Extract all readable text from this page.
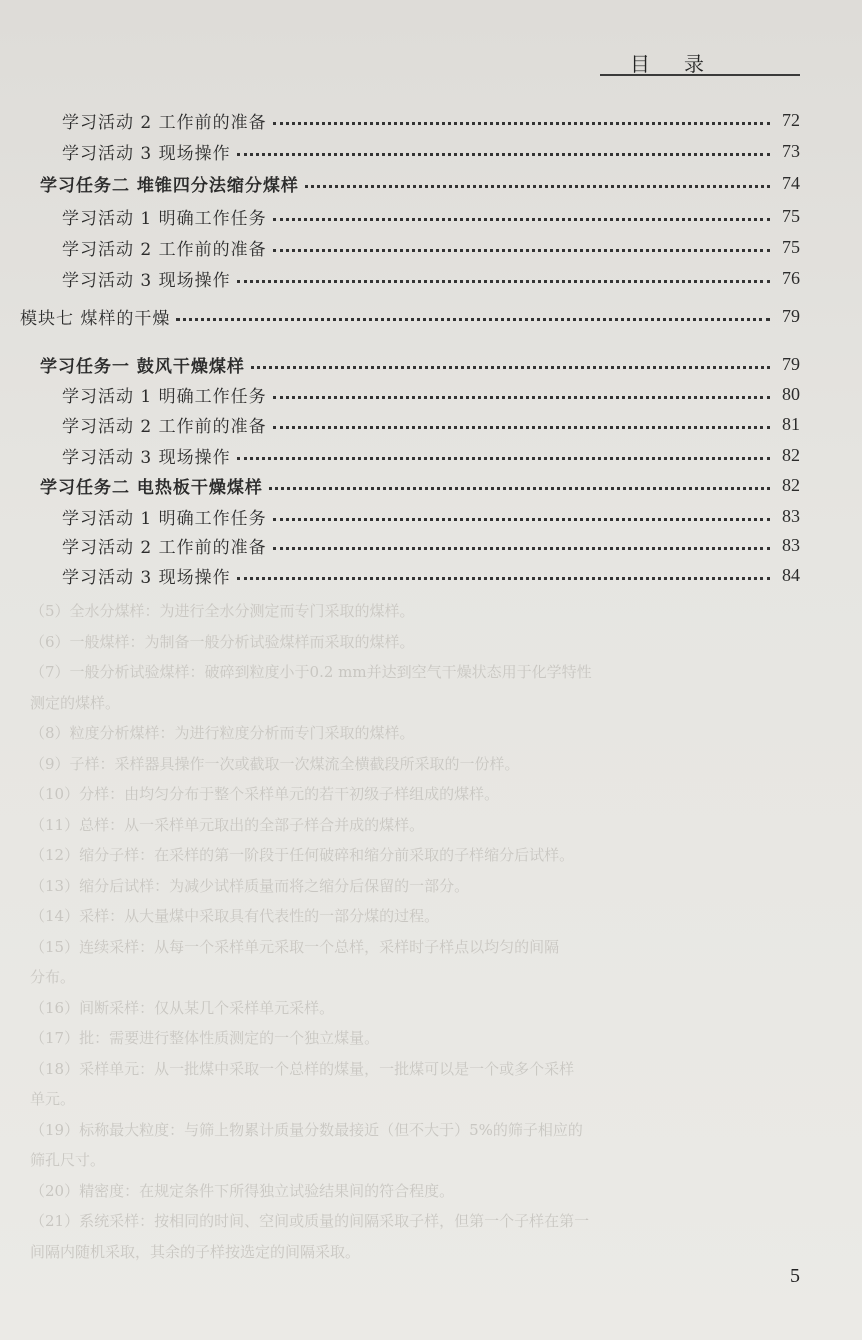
目录
（5）全水分煤样：为进行全水分测定而专门采取的煤样。
（6）一般煤样：为制备一般分析试验煤样而采取的煤样。
（7）一般分析试验煤样：破碎到粒度小于0.2 mm并达到空气干燥状态用于化学特性
测定的煤样。
（8）粒度分析煤样：为进行粒度分析而专门采取的煤样。
（9）子样：采样器具操作一次或截取一次煤流全横截段所采取的一份样。
（10）分样：由均匀分布于整个采样单元的若干初级子样组成的煤样。
（11）总样：从一采样单元取出的全部子样合并成的煤样。
（12）缩分子样：在采样的第一阶段于任何破碎和缩分前采取的子样缩分后试样。
（13）缩分后试样：为减少试样质量而将之缩分后保留的一部分。
（14）采样：从大量煤中采取具有代表性的一部分煤的过程。
（15）连续采样：从每一个采样单元采取一个总样，采样时子样点以均匀的间隔
分布。
（16）间断采样：仅从某几个采样单元采样。
（17）批：需要进行整体性质测定的一个独立煤量。
（18）采样单元：从一批煤中采取一个总样的煤量，一批煤可以是一个或多个采样
单元。
（19）标称最大粒度：与筛上物累计质量分数最接近（但不大于）5%的筛子相应的
筛孔尺寸。
（20）精密度：在规定条件下所得独立试验结果间的符合程度。
（21）系统采样：按相同的时间、空间或质量的间隔采取子样，但第一个子样在第一
间隔内随机采取，其余的子样按选定的间隔采取。
学习活动 2 工作前的准备	72
学习活动 3 现场操作	73
学习任务二 堆锥四分法缩分煤样	74
学习活动 1 明确工作任务	75
学习活动 2 工作前的准备	75
学习活动 3 现场操作	76
模块七 煤样的干燥	79
学习任务一 鼓风干燥煤样	79
学习活动 1 明确工作任务	80
学习活动 2 工作前的准备	81
学习活动 3 现场操作	82
学习任务二 电热板干燥煤样	82
学习活动 1 明确工作任务	83
学习活动 2 工作前的准备	83
学习活动 3 现场操作	84
5
